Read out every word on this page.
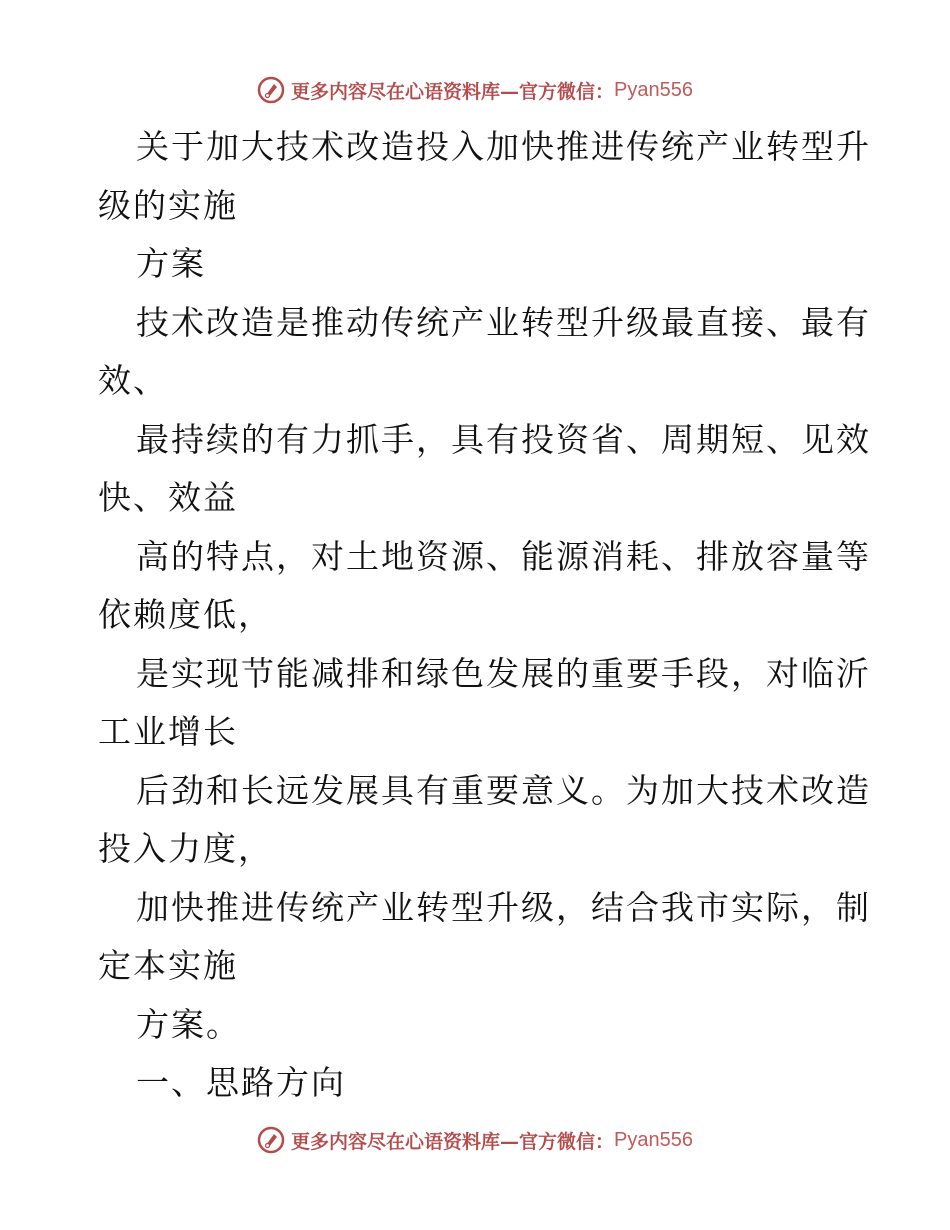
更多内容尽在心语资料库—官方微信： Pyan556
关于加大技术改造投入加快推进传统产业转型升
级的实施
方案
技术改造是推动传统产业转型升级最直接、最有
效、
最持续的有力抓手，具有投资省、周期短、见效
快、效益
高的特点，对土地资源、能源消耗、排放容量等
依赖度低，
是实现节能减排和绿色发展的重要手段，对临沂
工业增长
后劲和长远发展具有重要意义。为加大技术改造
投入力度，
加快推进传统产业转型升级，结合我市实际，制
定本实施
方案。
一、思路方向
更多内容尽在心语资料库—官方微信： Pyan556
